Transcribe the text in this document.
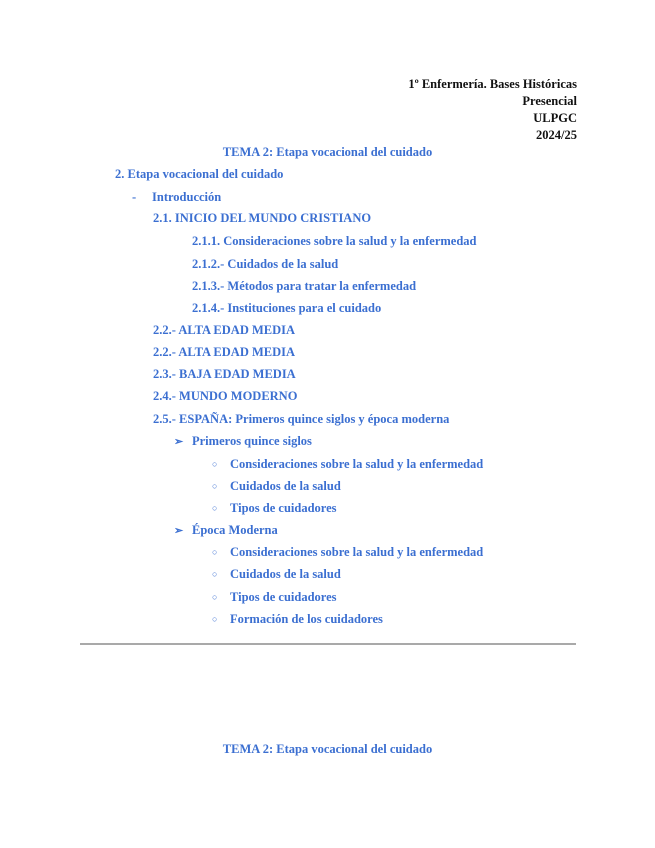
1º Enfermería. Bases Históricas
Presencial
ULPGC
2024/25
TEMA 2: Etapa vocacional del cuidado
2. Etapa vocacional del cuidado
- Introducción
2.1. INICIO DEL MUNDO CRISTIANO
2.1.1. Consideraciones sobre la salud y la enfermedad
2.1.2.- Cuidados de la salud
2.1.3.- Métodos para tratar la enfermedad
2.1.4.- Instituciones para el cuidado
2.2.- ALTA EDAD MEDIA
2.2.- ALTA EDAD MEDIA
2.3.- BAJA EDAD MEDIA
2.4.- MUNDO MODERNO
2.5.- ESPAÑA: Primeros quince siglos y época moderna
➢ Primeros quince siglos
○ Consideraciones sobre la salud y la enfermedad
○ Cuidados de la salud
○ Tipos de cuidadores
➢ Época Moderna
○ Consideraciones sobre la salud y la enfermedad
○ Cuidados de la salud
○ Tipos de cuidadores
○ Formación de los cuidadores
TEMA 2: Etapa vocacional del cuidado
